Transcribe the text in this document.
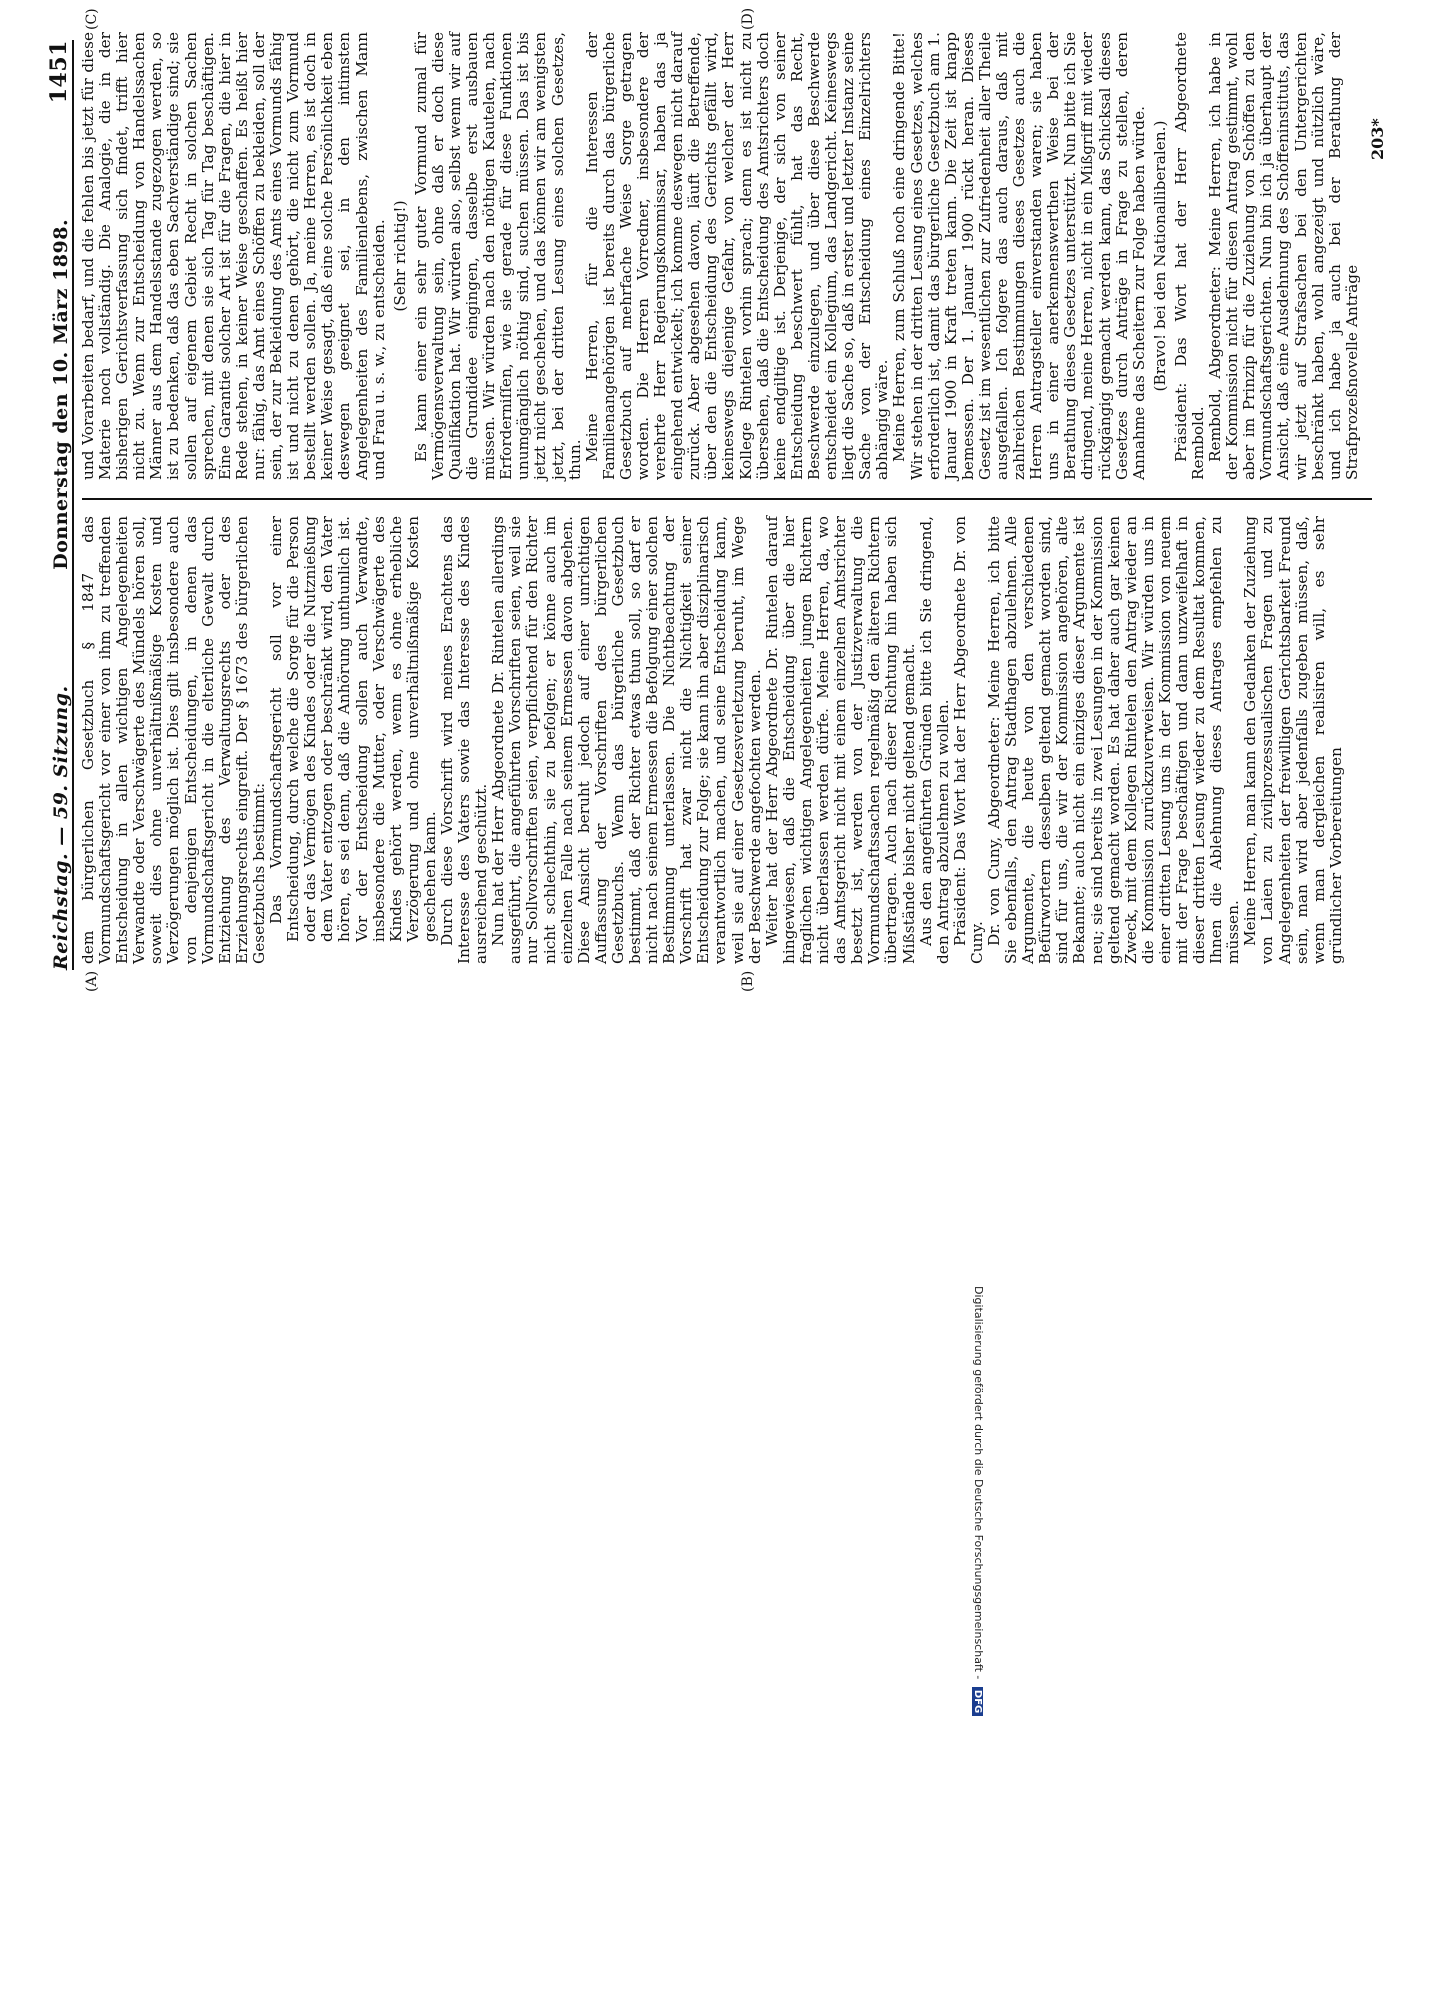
Reichstag. — 59. Sitzung.
Donnerstag den 10. März 1898.
1451
(A)	(B)
(C)	(D)

dem bürgerlichen Gesetzbuch § 1847 das Vormundschaftsgericht vor einer von ihm zu treffenden Entscheidung in allen wichtigen Angelegenheiten Verwandte oder Verschwägerte des Mündels hören soll, soweit dies ohne unverhältnißmäßige Kosten und Verzögerungen möglich ist. Dies gilt insbesondere auch von denjenigen Entscheidungen, in denen das Vormundschaftsgericht in die elterliche Gewalt durch Entziehung des Verwaltungsrechts oder des Erziehungsrechts eingreift. Der § 1673 des bürgerlichen Gesetzbuchs bestimmt: Das Vormundschaftsgericht soll vor einer Entscheidung, durch welche die Sorge für die Person oder das Vermögen des Kindes oder die Nutznießung dem Vater entzogen oder beschränkt wird, den Vater hören, es sei denn, daß die Anhörung unthunlich ist. Vor der Entscheidung sollen auch Verwandte, insbesondere die Mutter, oder Verschwägerte des Kindes gehört werden, wenn es ohne erhebliche Verzögerung und ohne unverhältnißmäßige Kosten geschehen kann. Durch diese Vorschrift wird meines Erachtens das Interesse des Vaters sowie das Interesse des Kindes ausreichend geschützt. Nun hat der Herr Abgeordnete Dr. Rintelen allerdings ausgeführt, die angeführten Vorschriften seien, weil sie nur Sollvorschriften seien, verpflichtend für den Richter nicht schlechthin, sie zu befolgen; er könne auch im einzelnen Falle nach seinem Ermessen davon abgehen. Diese Ansicht beruht jedoch auf einer unrichtigen Auffassung der Vorschriften des bürgerlichen Gesetzbuchs. Wenn das bürgerliche Gesetzbuch bestimmt, daß der Richter etwas thun soll, so darf er nicht nach seinem Ermessen die Befolgung einer solchen Bestimmung unterlassen. Die Nichtbeachtung der Vorschrift hat zwar nicht die Nichtigkeit seiner Entscheidung zur Folge; sie kann ihn aber disziplinarisch verantwortlich machen, und seine Entscheidung kann, weil sie auf einer Gesetzesverletzung beruht, im Wege der Beschwerde angefochten werden. Weiter hat der Herr Abgeordnete Dr. Rintelen darauf hingewiesen, daß die Entscheidung über die hier fraglichen wichtigen Angelegenheiten jungen Richtern nicht überlassen werden dürfe. Meine Herren, da, wo das Amtsgericht nicht mit einem einzelnen Amtsrichter besetzt ist, werden von der Justizverwaltung die Vormundschaftssachen regelmäßig den älteren Richtern übertragen. Auch nach dieser Richtung hin haben sich Mißstände bisher nicht geltend gemacht. Aus den angeführten Gründen bitte ich Sie dringend, den Antrag abzulehnen zu wollen. Präsident: Das Wort hat der Herr Abgeordnete Dr. von Cuny. Dr. von Cuny, Abgeordneter: Meine Herren, ich bitte Sie ebenfalls, den Antrag Stadthagen abzulehnen. Alle Argumente, die heute von den verschiedenen Befürwortern desselben geltend gemacht worden sind, sind für uns, die wir der Kommission angehören, alte Bekannte; auch nicht ein einziges dieser Argumente ist neu; sie sind bereits in zwei Lesungen in der Kommission geltend gemacht worden. Es hat daher auch gar keinen Zweck, mit dem Kollegen Rintelen den Antrag wieder an die Kommission zurückzuverweisen. Wir würden uns in einer dritten Lesung uns in der Kommission von neuem mit der Frage beschäftigen und dann unzweifelhaft in dieser dritten Lesung wieder zu dem Resultat kommen, Ihnen die Ablehnung dieses Antrages empfehlen zu müssen. Meine Herren, man kann den Gedanken der Zuziehung von Laien zu zivilprozessualischen Fragen und zu Angelegenheiten der freiwilligen Gerichtsbarkeit Freund sein, man wird aber jedenfalls zugeben müssen, daß, wenn man dergleichen realisiren will, es sehr gründlicher Vorbereitungen

und Vorarbeiten bedarf, und die fehlen bis jetzt für diese Materie noch vollständig. Die Analogie, die in der bisherigen Gerichtsverfassung sich findet, trifft hier nicht zu. Wenn zur Entscheidung von Handelssachen Männer aus dem Handelsstande zugezogen werden, so ist zu bedenken, daß das eben Sachverständige sind; sie sollen auf eigenem Gebiet Recht in solchen Sachen sprechen, mit denen sie sich Tag für Tag beschäftigen. Eine Garantie solcher Art ist für die Fragen, die hier in Rede stehen, in keiner Weise geschaffen. Es heißt hier nur: fähig, das Amt eines Schöffen zu bekleiden, soll der sein, der zur Bekleidung des Amts eines Vormunds fähig ist und nicht zu denen gehört, die nicht zum Vormund bestellt werden sollen. Ja, meine Herren, es ist doch in keiner Weise gesagt, daß eine solche Persönlichkeit eben deswegen geeignet sei, in den intimsten Angelegenheiten des Familienlebens, zwischen Mann und Frau u. s. w., zu entscheiden. (Sehr richtig!) Es kann einer ein sehr guter Vormund zumal für Vermögensverwaltung sein, ohne daß er doch diese Qualifikation hat. Wir würden also, selbst wenn wir auf die Grundidee eingingen, dasselbe erst ausbauen müssen. Wir würden nach den nöthigen Kautelen, nach Erforderniſſen, wie sie gerade für diese Funktionen unumgänglich nöthig sind, suchen müssen. Das ist bis jetzt nicht geschehen, und das können wir am wenigsten jetzt, bei der dritten Lesung eines solchen Gesetzes, thun. Meine Herren, für die Interessen der Familienangehörigen ist bereits durch das bürgerliche Gesetzbuch auf mehrfache Weise Sorge getragen worden. Die Herren Vorredner, insbesondere der verehrte Herr Regierungskommissar, haben das ja eingehend entwickelt; ich komme deswegen nicht darauf zurück. Aber abgesehen davon, läuft die Betreffende, über den die Entscheidung des Gerichts gefällt wird, keineswegs diejenige Gefahr, von welcher der Herr Kollege Rintelen vorhin sprach; denn es ist nicht zu übersehen, daß die Entscheidung des Amtsrichters doch keine endgiltige ist. Derjenige, der sich von seiner Entscheidung beschwert fühlt, hat das Recht, Beschwerde einzulegen, und über diese Beschwerde entscheidet ein Kollegium, das Landgericht. Keineswegs liegt die Sache so, daß in erster und letzter Instanz seine Sache von der Entscheidung eines Einzelrichters abhängig wäre. Meine Herren, zum Schluß noch eine dringende Bitte! Wir stehen in der dritten Lesung eines Gesetzes, welches erforderlich ist, damit das bürgerliche Gesetzbuch am 1. Januar 1900 in Kraft treten kann. Die Zeit ist knapp bemessen. Der 1. Januar 1900 rückt heran. Dieses Gesetz ist im wesentlichen zur Zufriedenheit aller Theile ausgefallen. Ich folgere das auch daraus, daß mit zahlreichen Bestimmungen dieses Gesetzes auch die Herren Antragsteller einverstanden waren; sie haben uns in einer anerkennenswerthen Weise bei der Berathung dieses Gesetzes unterstützt. Nun bitte ich Sie dringend, meine Herren, nicht in ein Mißgriff mit wieder rückgängig gemacht werden kann, das Schicksal dieses Gesetzes durch Anträge in Frage zu stellen, deren Annahme das Scheitern zur Folge haben würde. (Bravo! bei den Nationalliberalen.) Präsident: Das Wort hat der Herr Abgeordnete Rembold. Rembold, Abgeordneter: Meine Herren, ich habe in der Kommission nicht für diesen Antrag gestimmt, wohl aber im Prinzip für die Zuziehung von Schöffen zu den Vormundschaftsgerichten. Nun bin ich ja überhaupt der Ansicht, daß eine Ausdehnung des Schöffeninstituts, das wir jetzt auf Strafsachen bei den Untergerichten beschränkt haben, wohl angezeigt und nützlich wäre, und ich habe ja auch bei der Berathung der Strafprozeßnovelle Anträge

203*
Digitalisierung gefördert durch die Deutsche Forschungsgemeinschaft - DFG
